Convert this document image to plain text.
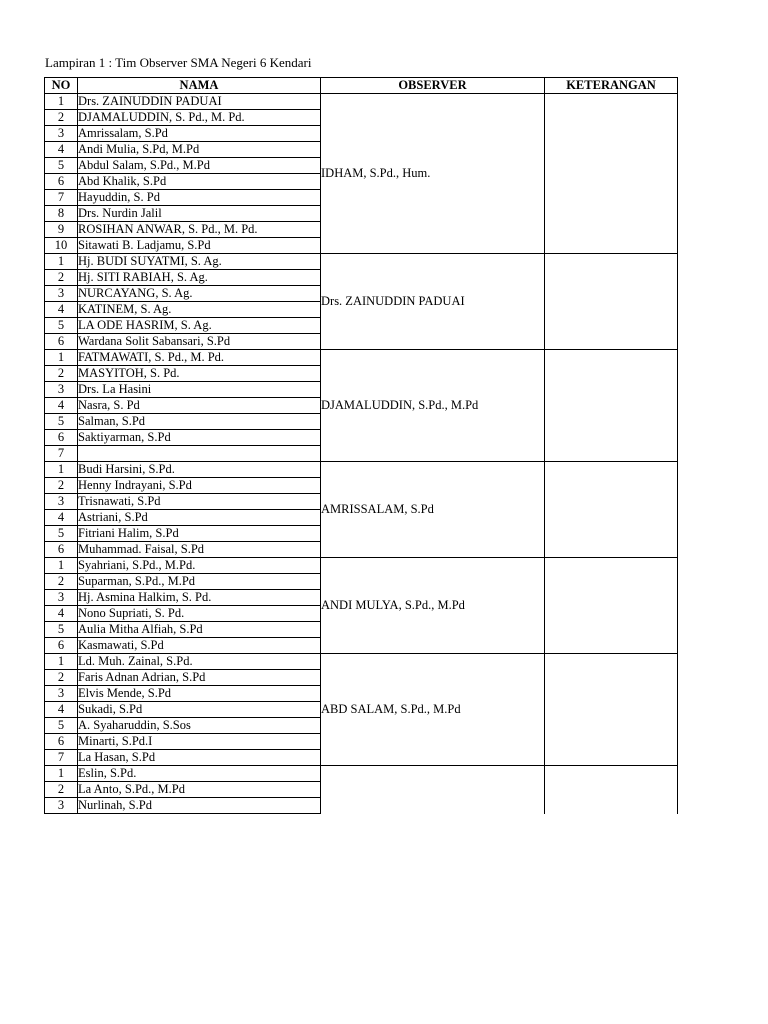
Lampiran 1 : Tim Observer SMA Negeri 6 Kendari
NO	NAMA	OBSERVER	KETERANGAN
1	Drs. ZAINUDDIN PADUAI	IDHAM, S.Pd., Hum.	
2	DJAMALUDDIN, S. Pd., M. Pd.		
3	Amrissalam, S.Pd		
4	Andi Mulia, S.Pd, M.Pd		
5	Abdul Salam, S.Pd., M.Pd		
6	Abd Khalik, S.Pd		
7	Hayuddin, S. Pd		
8	Drs. Nurdin Jalil		
9	ROSIHAN ANWAR, S. Pd., M. Pd.		
10	Sitawati B. Ladjamu, S.Pd		
1	Hj. BUDI SUYATMI, S. Ag.	Drs. ZAINUDDIN PADUAI	
2	Hj. SITI RABIAH, S. Ag.		
3	NURCAYANG, S. Ag.		
4	KATINEM, S. Ag.		
5	LA ODE HASRIM, S. Ag.		
6	Wardana Solit Sabansari, S.Pd		
1	FATMAWATI, S. Pd., M. Pd.	DJAMALUDDIN, S.Pd., M.Pd	
2	MASYITOH, S. Pd.		
3	Drs. La Hasini		
4	Nasra, S. Pd		
5	Salman, S.Pd		
6	Saktiyarman, S.Pd		
7			
1	Budi Harsini, S.Pd.	AMRISSALAM, S.Pd	
2	Henny Indrayani, S.Pd		
3	Trisnawati, S.Pd		
4	Astriani, S.Pd		
5	Fitriani Halim, S.Pd		
6	Muhammad. Faisal, S.Pd		
1	Syahriani, S.Pd., M.Pd.	ANDI MULYA, S.Pd., M.Pd	
2	Suparman, S.Pd., M.Pd		
3	Hj. Asmina Halkim, S. Pd.		
4	Nono Supriati, S. Pd.		
5	Aulia Mitha Alfiah, S.Pd		
6	Kasmawati, S.Pd		
1	Ld. Muh. Zainal, S.Pd.	ABD SALAM, S.Pd., M.Pd	
2	Faris Adnan Adrian, S.Pd		
3	Elvis Mende, S.Pd		
4	Sukadi, S.Pd		
5	A. Syaharuddin, S.Sos		
6	Minarti, S.Pd.I		
7	La Hasan, S.Pd		
1	Eslin, S.Pd.		
2	La Anto, S.Pd., M.Pd		
3	Nurlinah, S.Pd		
